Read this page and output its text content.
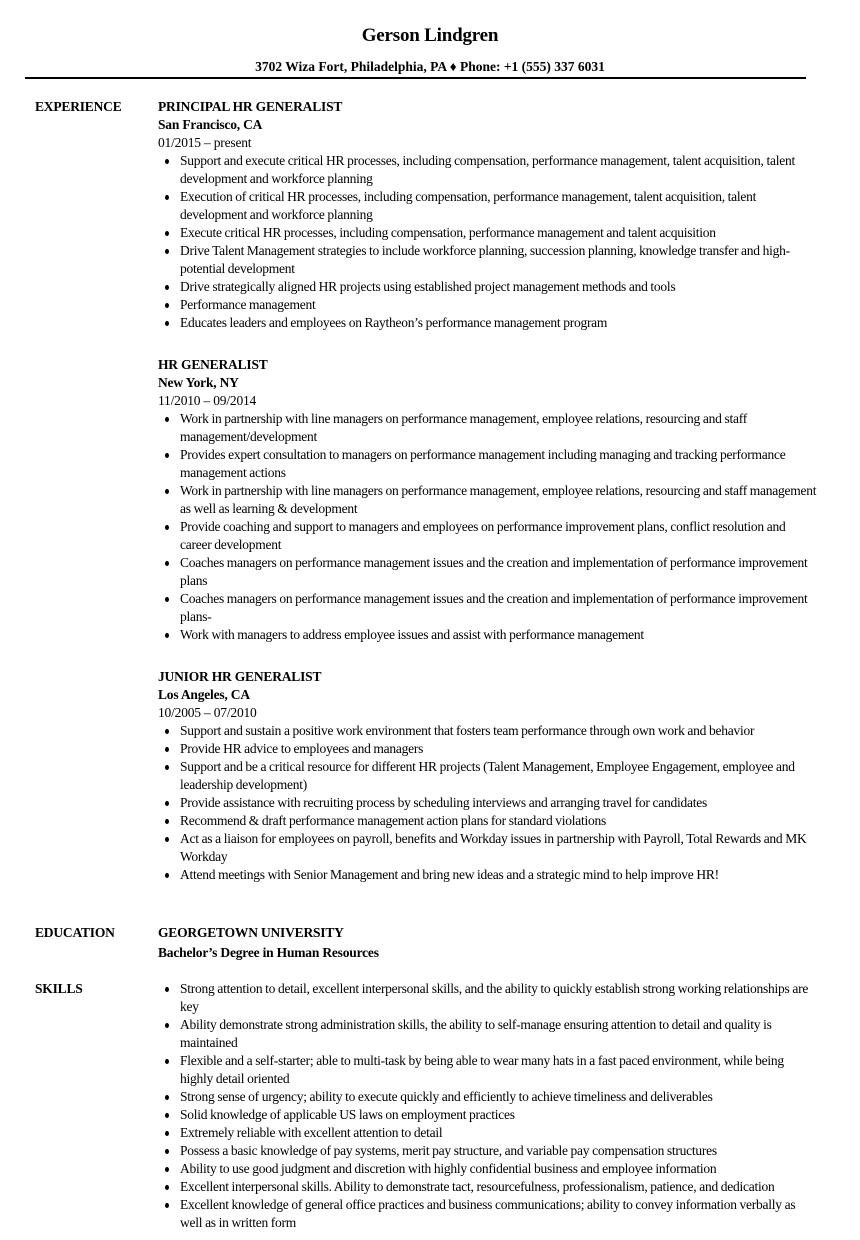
Gerson Lindgren
3702 Wiza Fort, Philadelphia, PA ♦ Phone: +1 (555) 337 6031
EXPERIENCE	PRINCIPAL HR GENERALIST
San Francisco, CA
01/2015 – present
Support and execute critical HR processes, including compensation, performance management, talent acquisition, talent development and workforce planning
Execution of critical HR processes, including compensation, performance management, talent acquisition, talent development and workforce planning
Execute critical HR processes, including compensation, performance management and talent acquisition
Drive Talent Management strategies to include workforce planning, succession planning, knowledge transfer and high-potential development
Drive strategically aligned HR projects using established project management methods and tools
Performance management
Educates leaders and employees on Raytheon’s performance management program
HR GENERALIST
New York, NY
11/2010 – 09/2014
Work in partnership with line managers on performance management, employee relations, resourcing and staff management/development
Provides expert consultation to managers on performance management including managing and tracking performance management actions
Work in partnership with line managers on performance management, employee relations, resourcing and staff management as well as learning & development
Provide coaching and support to managers and employees on performance improvement plans, conflict resolution and career development
Coaches managers on performance management issues and the creation and implementation of performance improvement plans
Coaches managers on performance management issues and the creation and implementation of performance improvement plans-
Work with managers to address employee issues and assist with performance management
JUNIOR HR GENERALIST
Los Angeles, CA
10/2005 – 07/2010
Support and sustain a positive work environment that fosters team performance through own work and behavior
Provide HR advice to employees and managers
Support and be a critical resource for different HR projects (Talent Management, Employee Engagement, employee and leadership development)
Provide assistance with recruiting process by scheduling interviews and arranging travel for candidates
Recommend & draft performance management action plans for standard violations
Act as a liaison for employees on payroll, benefits and Workday issues in partnership with Payroll, Total Rewards and MK Workday
Attend meetings with Senior Management and bring new ideas and a strategic mind to help improve HR!
EDUCATION	GEORGETOWN UNIVERSITY
Bachelor’s Degree in Human Resources
SKILLS	Strong attention to detail, excellent interpersonal skills, and the ability to quickly establish strong working relationships are key
Ability demonstrate strong administration skills, the ability to self-manage ensuring attention to detail and quality is maintained
Flexible and a self-starter; able to multi-task by being able to wear many hats in a fast paced environment, while being highly detail oriented
Strong sense of urgency; ability to execute quickly and efficiently to achieve timeliness and deliverables
Solid knowledge of applicable US laws on employment practices
Extremely reliable with excellent attention to detail
Possess a basic knowledge of pay systems, merit pay structure, and variable pay compensation structures
Ability to use good judgment and discretion with highly confidential business and employee information
Excellent interpersonal skills. Ability to demonstrate tact, resourcefulness, professionalism, patience, and dedication
Excellent knowledge of general office practices and business communications; ability to convey information verbally as well as in written form
